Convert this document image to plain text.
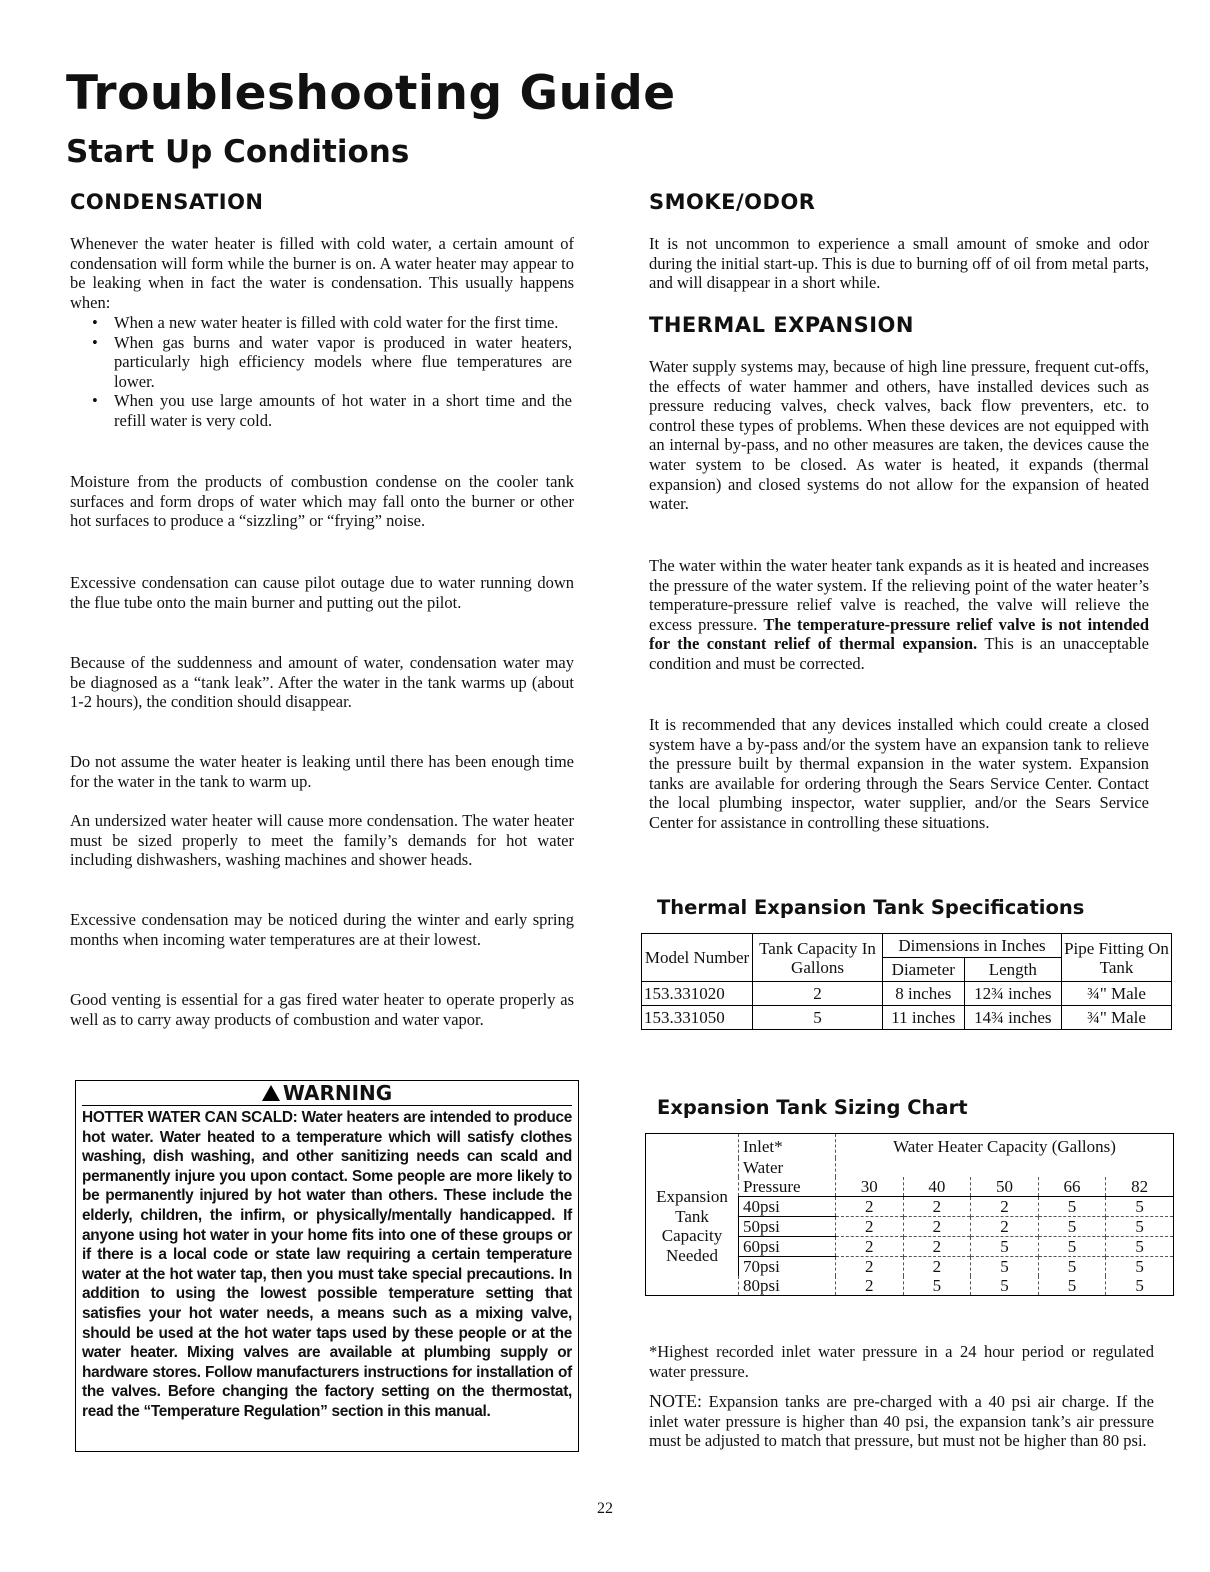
Troubleshooting Guide
Start Up Conditions
CONDENSATION

Whenever the water heater is filled with cold water, a certain amount of condensation will form while the burner is on. A water heater may appear to be leaking when in fact the water is condensation. This usually happens when:

• When a new water heater is filled with cold water for the first time.
• When gas burns and water vapor is produced in water heaters, particularly high efficiency models where flue temperatures are lower.
• When you use large amounts of hot water in a short time and the refill water is very cold.

Moisture from the products of combustion condense on the cooler tank surfaces and form drops of water which may fall onto the burner or other hot surfaces to produce a “sizzling” or “frying” noise.

Excessive condensation can cause pilot outage due to water running down the flue tube onto the main burner and putting out the pilot.

Because of the suddenness and amount of water, condensation water may be diagnosed as a “tank leak”. After the water in the tank warms up (about 1-2 hours), the condition should disappear.

Do not assume the water heater is leaking until there has been enough time for the water in the tank to warm up.

An undersized water heater will cause more condensation. The water heater must be sized properly to meet the family’s demands for hot water including dishwashers, washing machines and shower heads.

Excessive condensation may be noticed during the winter and early spring months when incoming water temperatures are at their lowest.

Good venting is essential for a gas fired water heater to operate properly as well as to carry away products of combustion and water vapor.

WARNING
HOTTER WATER CAN SCALD: Water heaters are intended to produce hot water. Water heated to a temperature which will satisfy clothes washing, dish washing, and other sanitizing needs can scald and permanently injure you upon contact. Some people are more likely to be permanently injured by hot water than others. These include the elderly, children, the infirm, or physically/mentally handicapped. If anyone using hot water in your home fits into one of these groups or if there is a local code or state law requiring a certain temperature water at the hot water tap, then you must take special precautions. In addition to using the lowest possible temperature setting that satisfies your hot water needs, a means such as a mixing valve, should be used at the hot water taps used by these people or at the water heater. Mixing valves are available at plumbing supply or hardware stores. Follow manufacturers instructions for installation of the valves. Before changing the factory setting on the thermostat, read the “Temperature Regulation” section in this manual.
SMOKE/ODOR

It is not uncommon to experience a small amount of smoke and odor during the initial start-up. This is due to burning off of oil from metal parts, and will disappear in a short while.

THERMAL EXPANSION

Water supply systems may, because of high line pressure, frequent cut-offs, the effects of water hammer and others, have installed devices such as pressure reducing valves, check valves, back flow preventers, etc. to control these types of problems. When these devices are not equipped with an internal by-pass, and no other measures are taken, the devices cause the water system to be closed. As water is heated, it expands (thermal expansion) and closed systems do not allow for the expansion of heated water.

The water within the water heater tank expands as it is heated and increases the pressure of the water system. If the relieving point of the water heater’s temperature-pressure relief valve is reached, the valve will relieve the excess pressure. The temperature-pressure relief valve is not intended for the constant relief of thermal expansion. This is an unacceptable condition and must be corrected.

It is recommended that any devices installed which could create a closed system have a by-pass and/or the system have an expansion tank to relieve the pressure built by thermal expansion in the water system. Expansion tanks are available for ordering through the Sears Service Center. Contact the local plumbing inspector, water supplier, and/or the Sears Service Center for assistance in controlling these situations.

Thermal Expansion Tank Specifications
Model Number	Tank Capacity In Gallons	Dimensions in Inches		Pipe Fitting On Tank
		Diameter	Length	
153.331020	2	8 inches	12¾ inches	¾" Male
153.331050	5	11 inches	14¾ inches	¾" Male
Expansion Tank Sizing Chart
	Inlet*	Water Heater Capacity (Gallons)				
	Water					
Expansion Tank Capacity Needed	Pressure	30	40	50	66	82
	40psi	2	2	2	5	5
	50psi	2	2	2	5	5
	60psi	2	2	5	5	5
	70psi	2	2	5	5	5
	80psi	2	5	5	5	5

*Highest recorded inlet water pressure in a 24 hour period or regulated water pressure.

NOTE: Expansion tanks are pre-charged with a 40 psi air charge. If the inlet water pressure is higher than 40 psi, the expansion tank’s air pressure must be adjusted to match that pressure, but must not be higher than 80 psi.

22
